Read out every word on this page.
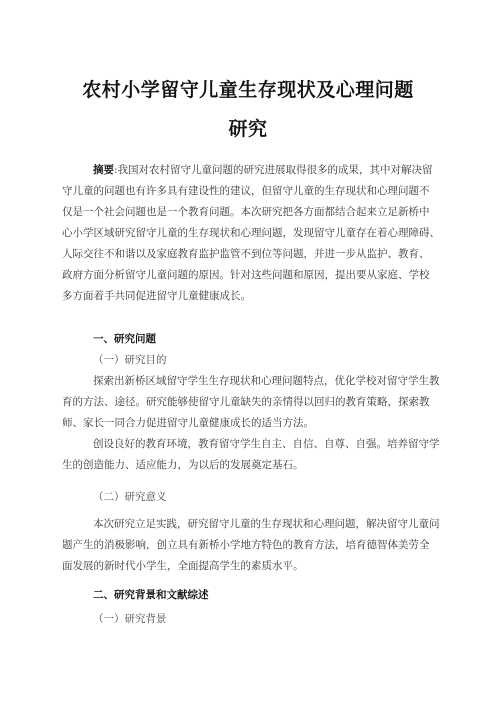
农村小学留守儿童生存现状及心理问题
研究
摘要:我国对农村留守儿童问题的研究进展取得很多的成果，其中对解决留
守儿童的问题也有许多具有建设性的建议，但留守儿童的生存现状和心理问题不
仅是一个社会问题也是一个教育问题。本次研究把各方面都结合起来立足新桥中
心小学区域研究留守儿童的生存现状和心理问题，发现留守儿童存在着心理障碍、
人际交往不和谐以及家庭教育监护监管不到位等问题，并进一步从监护、教育、
政府方面分析留守儿童问题的原因。针对这些问题和原因，提出要从家庭、学校
多方面着手共同促进留守儿童健康成长。
一、研究问题
（一）研究目的
探索出新桥区域留守学生生存现状和心理问题特点，优化学校对留守学生教
育的方法、途径。研究能够使留守儿童缺失的亲情得以回归的教育策略，探索教
师、家长一同合力促进留守儿童健康成长的适当方法。
创设良好的教育环境，教育留守学生自主、自信、自尊、自强。培养留守学
生的创造能力、适应能力，为以后的发展奠定基石。
（二）研究意义
本次研究立足实践，研究留守儿童的生存现状和心理问题，解决留守儿童问
题产生的消极影响，创立具有新桥小学地方特色的教育方法，培育德智体美劳全
面发展的新时代小学生，全面提高学生的素质水平。
二、研究背景和文献综述
（一）研究背景
